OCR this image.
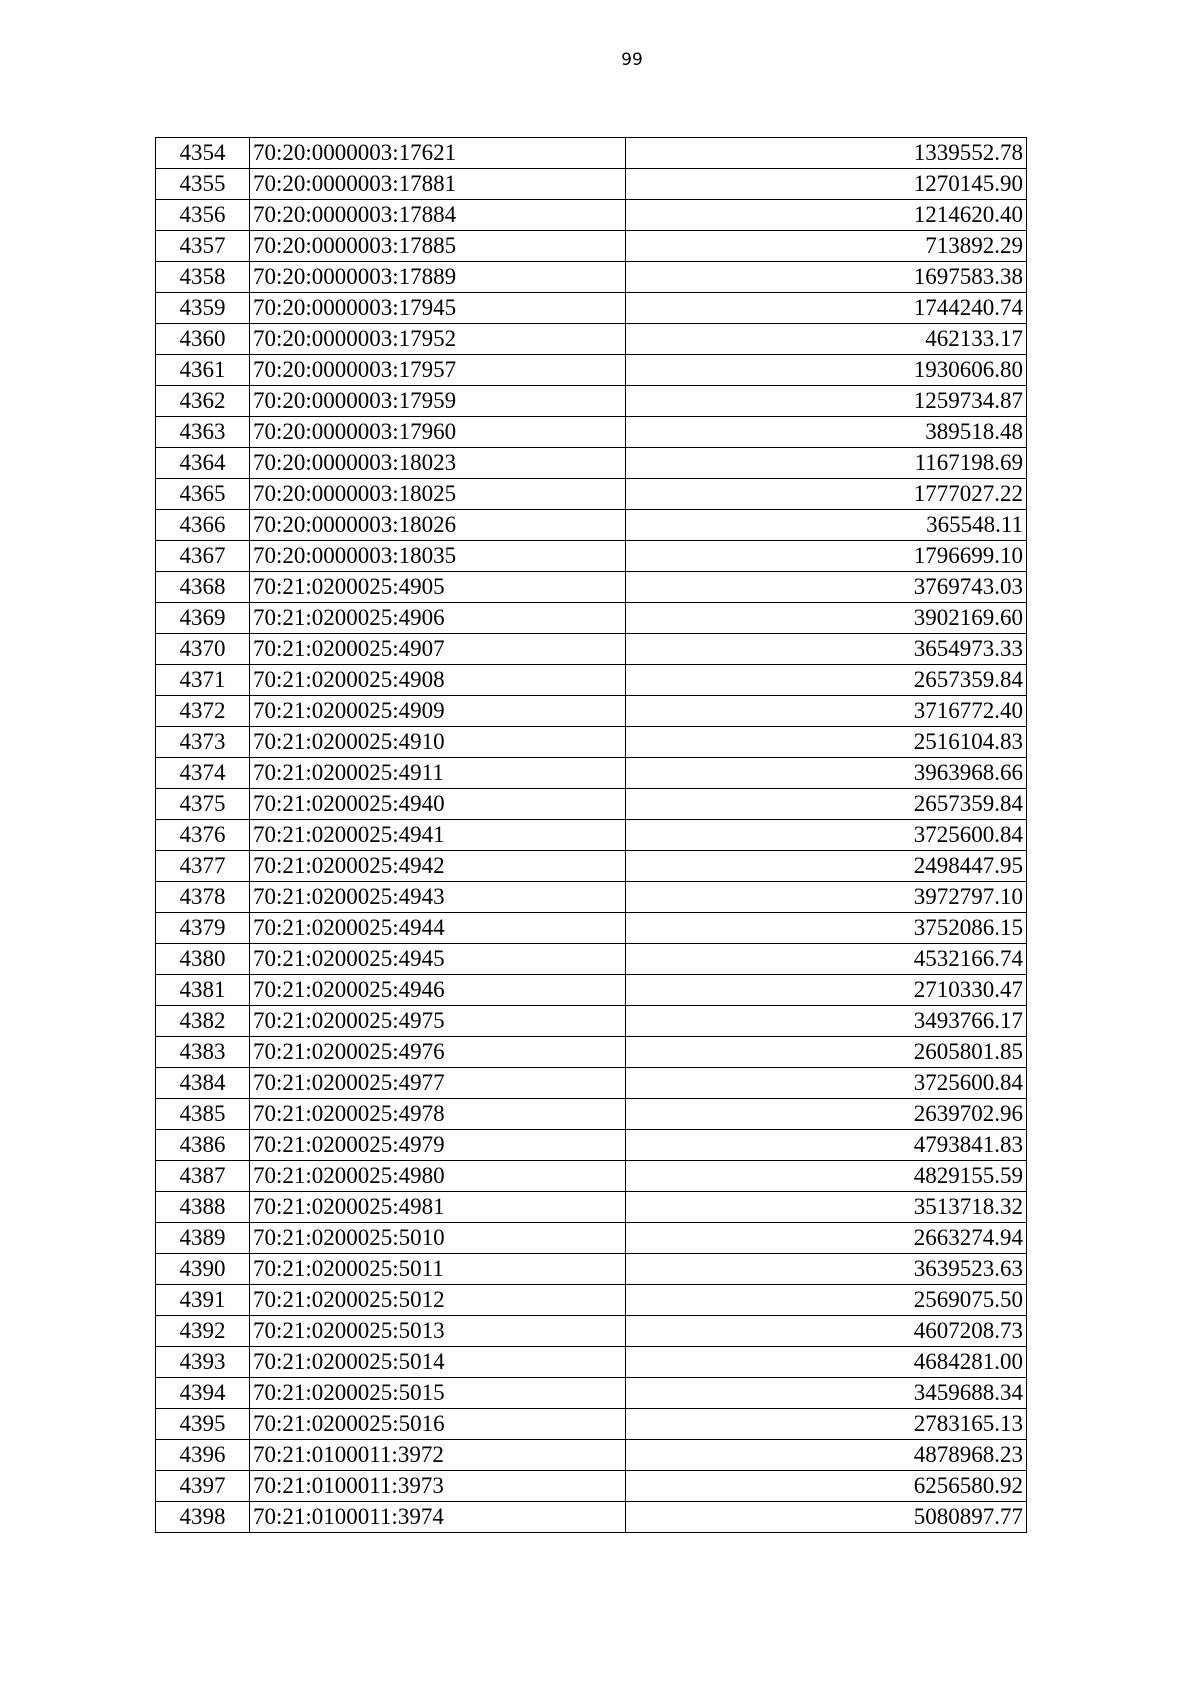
99
4354	70:20:0000003:17621	1339552.78
4355	70:20:0000003:17881	1270145.90
4356	70:20:0000003:17884	1214620.40
4357	70:20:0000003:17885	713892.29
4358	70:20:0000003:17889	1697583.38
4359	70:20:0000003:17945	1744240.74
4360	70:20:0000003:17952	462133.17
4361	70:20:0000003:17957	1930606.80
4362	70:20:0000003:17959	1259734.87
4363	70:20:0000003:17960	389518.48
4364	70:20:0000003:18023	1167198.69
4365	70:20:0000003:18025	1777027.22
4366	70:20:0000003:18026	365548.11
4367	70:20:0000003:18035	1796699.10
4368	70:21:0200025:4905	3769743.03
4369	70:21:0200025:4906	3902169.60
4370	70:21:0200025:4907	3654973.33
4371	70:21:0200025:4908	2657359.84
4372	70:21:0200025:4909	3716772.40
4373	70:21:0200025:4910	2516104.83
4374	70:21:0200025:4911	3963968.66
4375	70:21:0200025:4940	2657359.84
4376	70:21:0200025:4941	3725600.84
4377	70:21:0200025:4942	2498447.95
4378	70:21:0200025:4943	3972797.10
4379	70:21:0200025:4944	3752086.15
4380	70:21:0200025:4945	4532166.74
4381	70:21:0200025:4946	2710330.47
4382	70:21:0200025:4975	3493766.17
4383	70:21:0200025:4976	2605801.85
4384	70:21:0200025:4977	3725600.84
4385	70:21:0200025:4978	2639702.96
4386	70:21:0200025:4979	4793841.83
4387	70:21:0200025:4980	4829155.59
4388	70:21:0200025:4981	3513718.32
4389	70:21:0200025:5010	2663274.94
4390	70:21:0200025:5011	3639523.63
4391	70:21:0200025:5012	2569075.50
4392	70:21:0200025:5013	4607208.73
4393	70:21:0200025:5014	4684281.00
4394	70:21:0200025:5015	3459688.34
4395	70:21:0200025:5016	2783165.13
4396	70:21:0100011:3972	4878968.23
4397	70:21:0100011:3973	6256580.92
4398	70:21:0100011:3974	5080897.77
